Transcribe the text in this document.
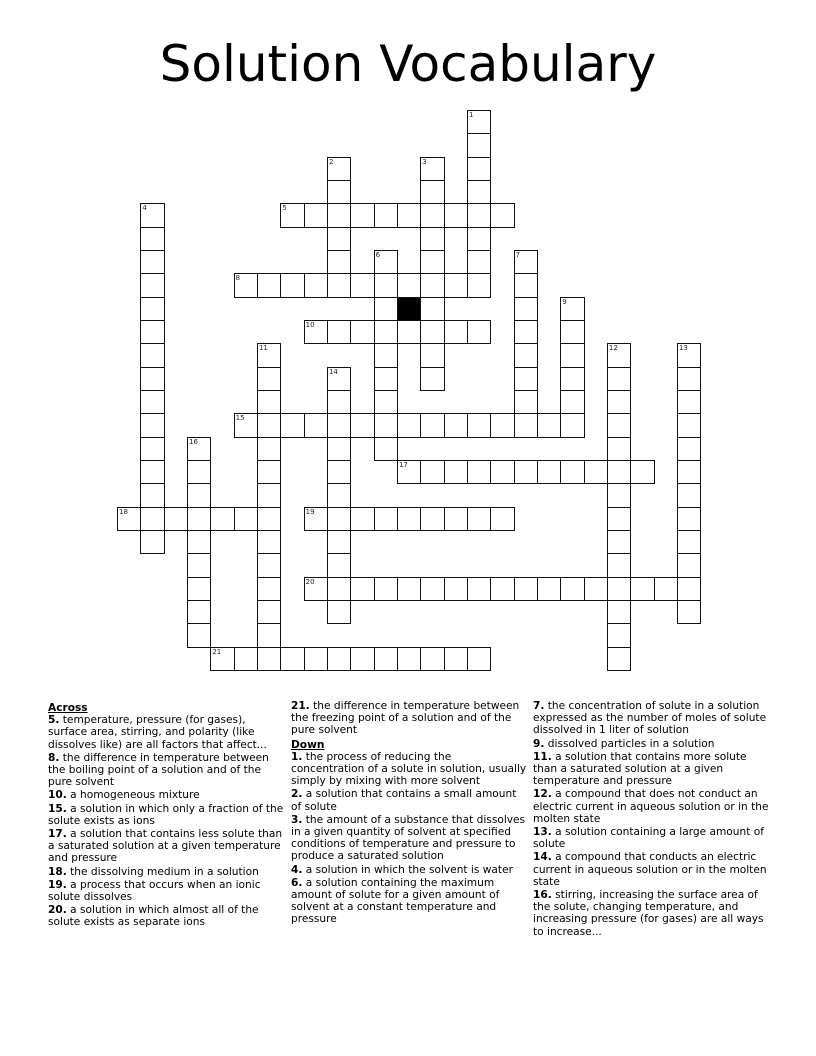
Solution Vocabulary
1
2	3
4	5
6	7
8
9
10
11	12	13
14
15
16
17
18	19
20
21
Across
5. temperature, pressure (for gases), surface area, stirring, and polarity (like dissolves like) are all factors that affect...
8. the difference in temperature between the boiling point of a solution and of the pure solvent
10. a homogeneous mixture
15. a solution in which only a fraction of the solute exists as ions
17. a solution that contains less solute than a saturated solution at a given temperature and pressure
18. the dissolving medium in a solution
19. a process that occurs when an ionic solute dissolves
20. a solution in which almost all of the solute exists as separate ions
21. the difference in temperature between the freezing point of a solution and of the pure solvent
Down
1. the process of reducing the concentration of a solute in solution, usually simply by mixing with more solvent
2. a solution that contains a small amount of solute
3. the amount of a substance that dissolves in a given quantity of solvent at specified conditions of temperature and pressure to produce a saturated solution
4. a solution in which the solvent is water
6. a solution containing the maximum amount of solute for a given amount of solvent at a constant temperature and pressure
7. the concentration of solute in a solution expressed as the number of moles of solute dissolved in 1 liter of solution
9. dissolved particles in a solution
11. a solution that contains more solute than a saturated solution at a given temperature and pressure
12. a compound that does not conduct an electric current in aqueous solution or in the molten state
13. a solution containing a large amount of solute
14. a compound that conducts an electric current in aqueous solution or in the molten state
16. stirring, increasing the surface area of the solute, changing temperature, and increasing pressure (for gases) are all ways to increase...
